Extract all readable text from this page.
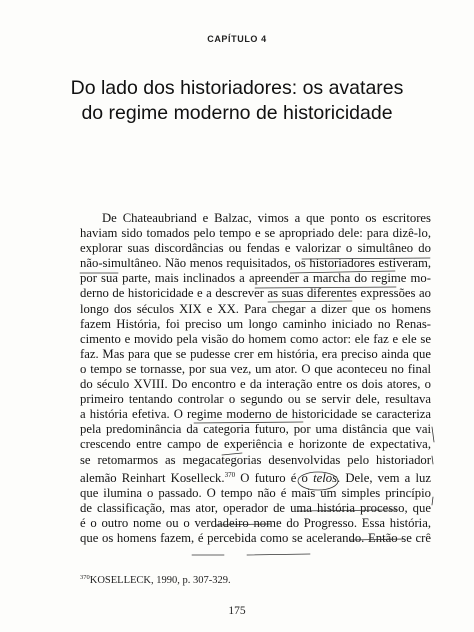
CAPÍTULO 4
Do lado dos historiadores: os avatares
do regime moderno de historicidade
De Chateaubriand e Balzac, vimos a que ponto os escritores
haviam sido tomados pelo tempo e se apropriado dele: para dizê-lo,
explorar suas discordâncias ou fendas e valorizar o simultâneo do
não-simultâneo. Não menos requisitados, os historiadores estiveram,
por sua parte, mais inclinados a apreender a marcha do regime mo-
derno de historicidade e a descrever as suas diferentes expressões ao
longo dos séculos XIX e XX. Para chegar a dizer que os homens
fazem História, foi preciso um longo caminho iniciado no Renas-
cimento e movido pela visão do homem como actor: ele faz e ele se
faz. Mas para que se pudesse crer em história, era preciso ainda que
o tempo se tornasse, por sua vez, um ator. O que aconteceu no final
do século XVIII. Do encontro e da interação entre os dois atores, o
primeiro tentando controlar o segundo ou se servir dele, resultava
a história efetiva. O regime moderno de historicidade se caracteriza
pela predominância da categoria futuro, por uma distância que vai
crescendo entre campo de experiência e horizonte de expectativa,
se retomarmos as megacategorias desenvolvidas pelo historiador
alemão Reinhart Koselleck.$^{370}$ O futuro é o telos. Dele, vem a luz
que ilumina o passado. O tempo não é mais um simples princípio
de classificação, mas ator, operador de uma história processo, que
é o outro nome ou o verdadeiro nome do Progresso. Essa história,
que os homens fazem, é percebida como se acelerando. Então se crê
$^{370}$KOSELLECK, 1990, p. 307-329.
175
